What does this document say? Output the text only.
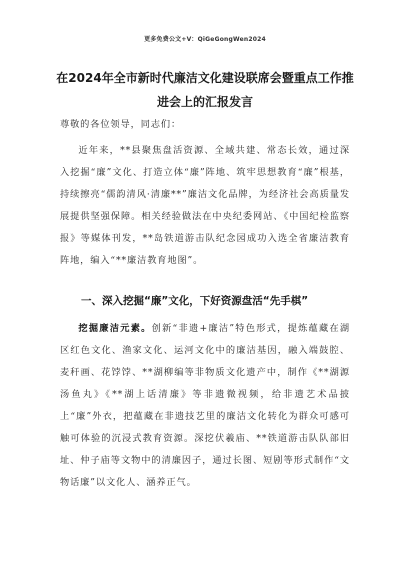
更多免费公文+V：QiGeGongWen2024
在2024年全市新时代廉洁文化建设联席会暨重点工作推进会上的汇报发言

尊敬的各位领导，同志们：

近年来，**县聚焦盘活资源、全域共建、常态长效，通过深入挖掘“廉”文化、打造立体“廉”阵地、筑牢思想教育“廉”根基，持续擦亮“儒韵清风·清廉**”廉洁文化品牌，为经济社会高质量发展提供坚强保障。相关经验做法在中央纪委网站、《中国纪检监察报》等媒体刊发，**岛铁道游击队纪念园成功入选全省廉洁教育阵地，编入“**廉洁教育地图”。

一、深入挖掘“廉”文化，下好资源盘活“先手棋”

挖掘廉洁元素。创新“非遗+廉洁”特色形式，提炼蕴藏在湖区红色文化、渔家文化、运河文化中的廉洁基因，融入端鼓腔、麦秆画、花饽饽、**湖柳编等非物质文化遗产中，制作《**湖源汤鱼丸》《**湖上话清廉》等非遗微视频，给非遗艺术品披上“廉”外衣，把蕴藏在非遗技艺里的廉洁文化转化为群众可感可触可体验的沉浸式教育资源。深挖伏羲庙、**铁道游击队队部旧址、仲子庙等文物中的清廉因子，通过长图、短剧等形式制作“文物话廉”以文化人、涵养正气。
